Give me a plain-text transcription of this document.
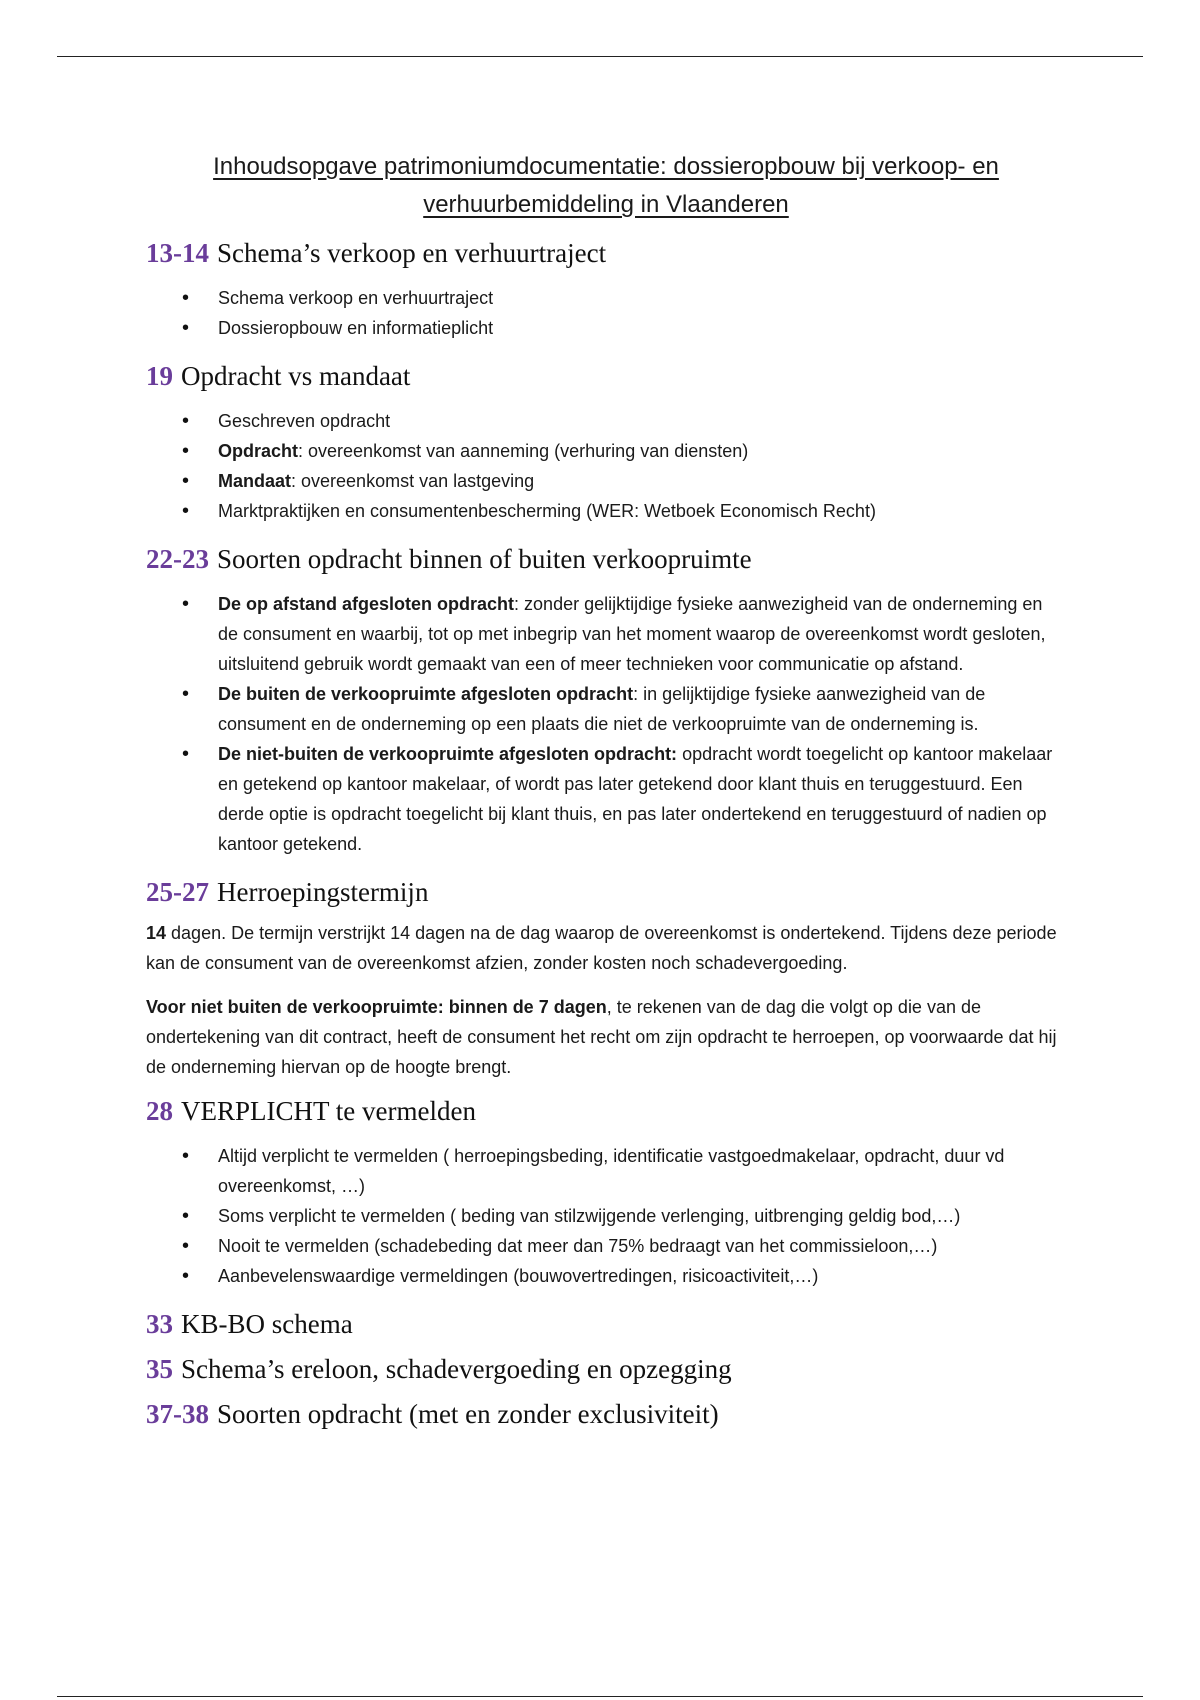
Inhoudsopgave patrimoniumdocumentatie: dossieropbouw bij verkoop- en verhuurbemiddeling in Vlaanderen
13-14 Schema’s verkoop en verhuurtraject
• Schema verkoop en verhuurtraject
• Dossieropbouw en informatieplicht
19 Opdracht vs mandaat
• Geschreven opdracht
• Opdracht: overeenkomst van aanneming (verhuring van diensten)
• Mandaat: overeenkomst van lastgeving
• Marktpraktijken en consumentenbescherming (WER: Wetboek Economisch Recht)
22-23 Soorten opdracht binnen of buiten verkoopruimte
• De op afstand afgesloten opdracht: zonder gelijktijdige fysieke aanwezigheid van de onderneming en de consument en waarbij, tot op met inbegrip van het moment waarop de overeenkomst wordt gesloten, uitsluitend gebruik wordt gemaakt van een of meer technieken voor communicatie op afstand.
• De buiten de verkoopruimte afgesloten opdracht: in gelijktijdige fysieke aanwezigheid van de consument en de onderneming op een plaats die niet de verkoopruimte van de onderneming is.
• De niet-buiten de verkoopruimte afgesloten opdracht: opdracht wordt toegelicht op kantoor makelaar en getekend op kantoor makelaar, of wordt pas later getekend door klant thuis en teruggestuurd. Een derde optie is opdracht toegelicht bij klant thuis, en pas later ondertekend en teruggestuurd of nadien op kantoor getekend.
25-27 Herroepingstermijn

14 dagen. De termijn verstrijkt 14 dagen na de dag waarop de overeenkomst is ondertekend. Tijdens deze periode kan de consument van de overeenkomst afzien, zonder kosten noch schadevergoeding.

Voor niet buiten de verkoopruimte: binnen de 7 dagen, te rekenen van de dag die volgt op die van de ondertekening van dit contract, heeft de consument het recht om zijn opdracht te herroepen, op voorwaarde dat hij de onderneming hiervan op de hoogte brengt.

28 VERPLICHT te vermelden
• Altijd verplicht te vermelden ( herroepingsbeding, identificatie vastgoedmakelaar, opdracht, duur vd overeenkomst, …)
• Soms verplicht te vermelden ( beding van stilzwijgende verlenging, uitbrenging geldig bod,…)
• Nooit te vermelden (schadebeding dat meer dan 75% bedraagt van het commissieloon,…)
• Aanbevelenswaardige vermeldingen (bouwovertredingen, risicoactiviteit,…)
33 KB-BO schema
35 Schema’s ereloon, schadevergoeding en opzegging
37-38 Soorten opdracht (met en zonder exclusiviteit)
